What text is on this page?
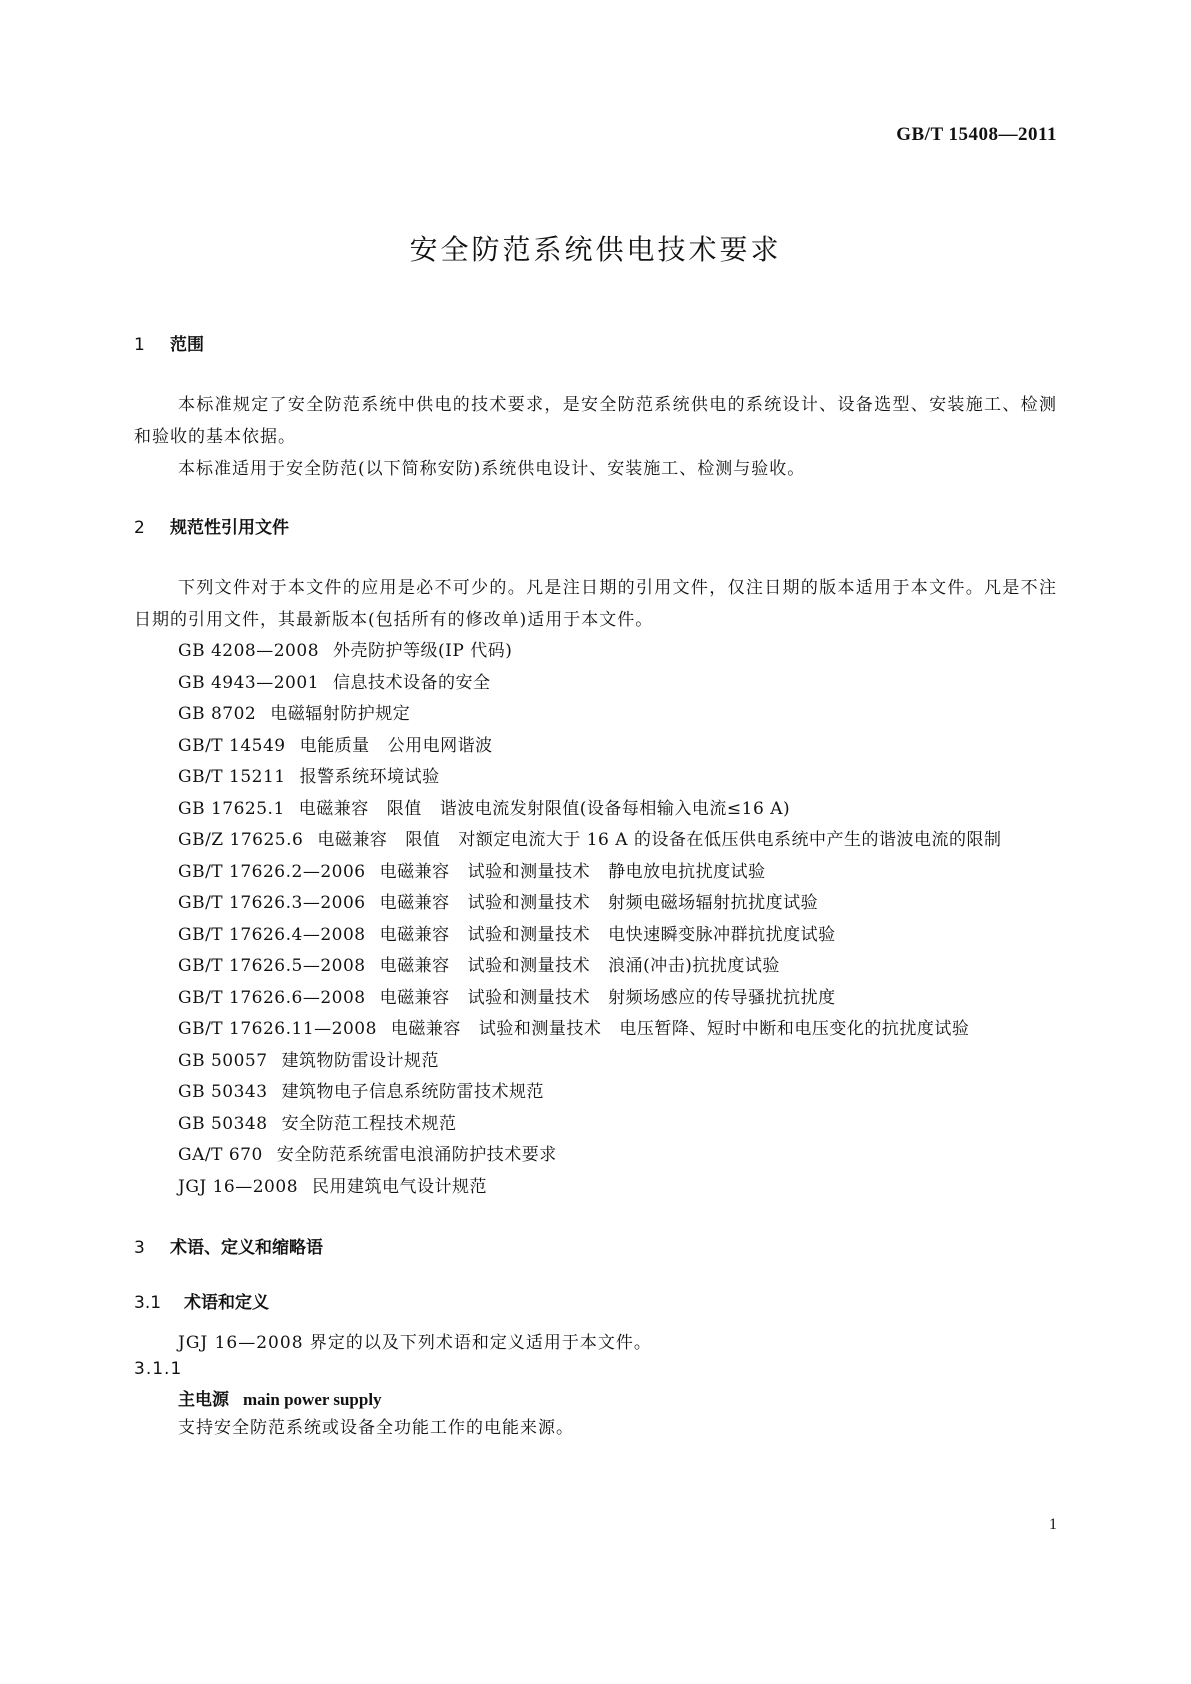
GB/T 15408—2011
安全防范系统供电技术要求

1 范围

本标准规定了安全防范系统中供电的技术要求，是安全防范系统供电的系统设计、设备选型、安装施工、检测和验收的基本依据。

本标准适用于安全防范(以下简称安防)系统供电设计、安装施工、检测与验收。

2 规范性引用文件

下列文件对于本文件的应用是必不可少的。凡是注日期的引用文件，仅注日期的版本适用于本文件。凡是不注日期的引用文件，其最新版本(包括所有的修改单)适用于本文件。

GB 4208—2008 外壳防护等级(IP 代码)

GB 4943—2001 信息技术设备的安全

GB 8702 电磁辐射防护规定

GB/T 14549 电能质量 公用电网谐波

GB/T 15211 报警系统环境试验

GB 17625.1 电磁兼容 限值 谐波电流发射限值(设备每相输入电流≤16 A)

GB/Z 17625.6 电磁兼容 限值 对额定电流大于 16 A 的设备在低压供电系统中产生的谐波电流的限制

GB/T 17626.2—2006 电磁兼容 试验和测量技术 静电放电抗扰度试验

GB/T 17626.3—2006 电磁兼容 试验和测量技术 射频电磁场辐射抗扰度试验

GB/T 17626.4—2008 电磁兼容 试验和测量技术 电快速瞬变脉冲群抗扰度试验

GB/T 17626.5—2008 电磁兼容 试验和测量技术 浪涌(冲击)抗扰度试验

GB/T 17626.6—2008 电磁兼容 试验和测量技术 射频场感应的传导骚扰抗扰度

GB/T 17626.11—2008 电磁兼容 试验和测量技术 电压暂降、短时中断和电压变化的抗扰度试验

GB 50057 建筑物防雷设计规范

GB 50343 建筑物电子信息系统防雷技术规范

GB 50348 安全防范工程技术规范

GA/T 670 安全防范系统雷电浪涌防护技术要求

JGJ 16—2008 民用建筑电气设计规范

3 术语、定义和缩略语

3.1 术语和定义

JGJ 16—2008 界定的以及下列术语和定义适用于本文件。

3.1.1

主电源 main power supply

支持安全防范系统或设备全功能工作的电能来源。

1
